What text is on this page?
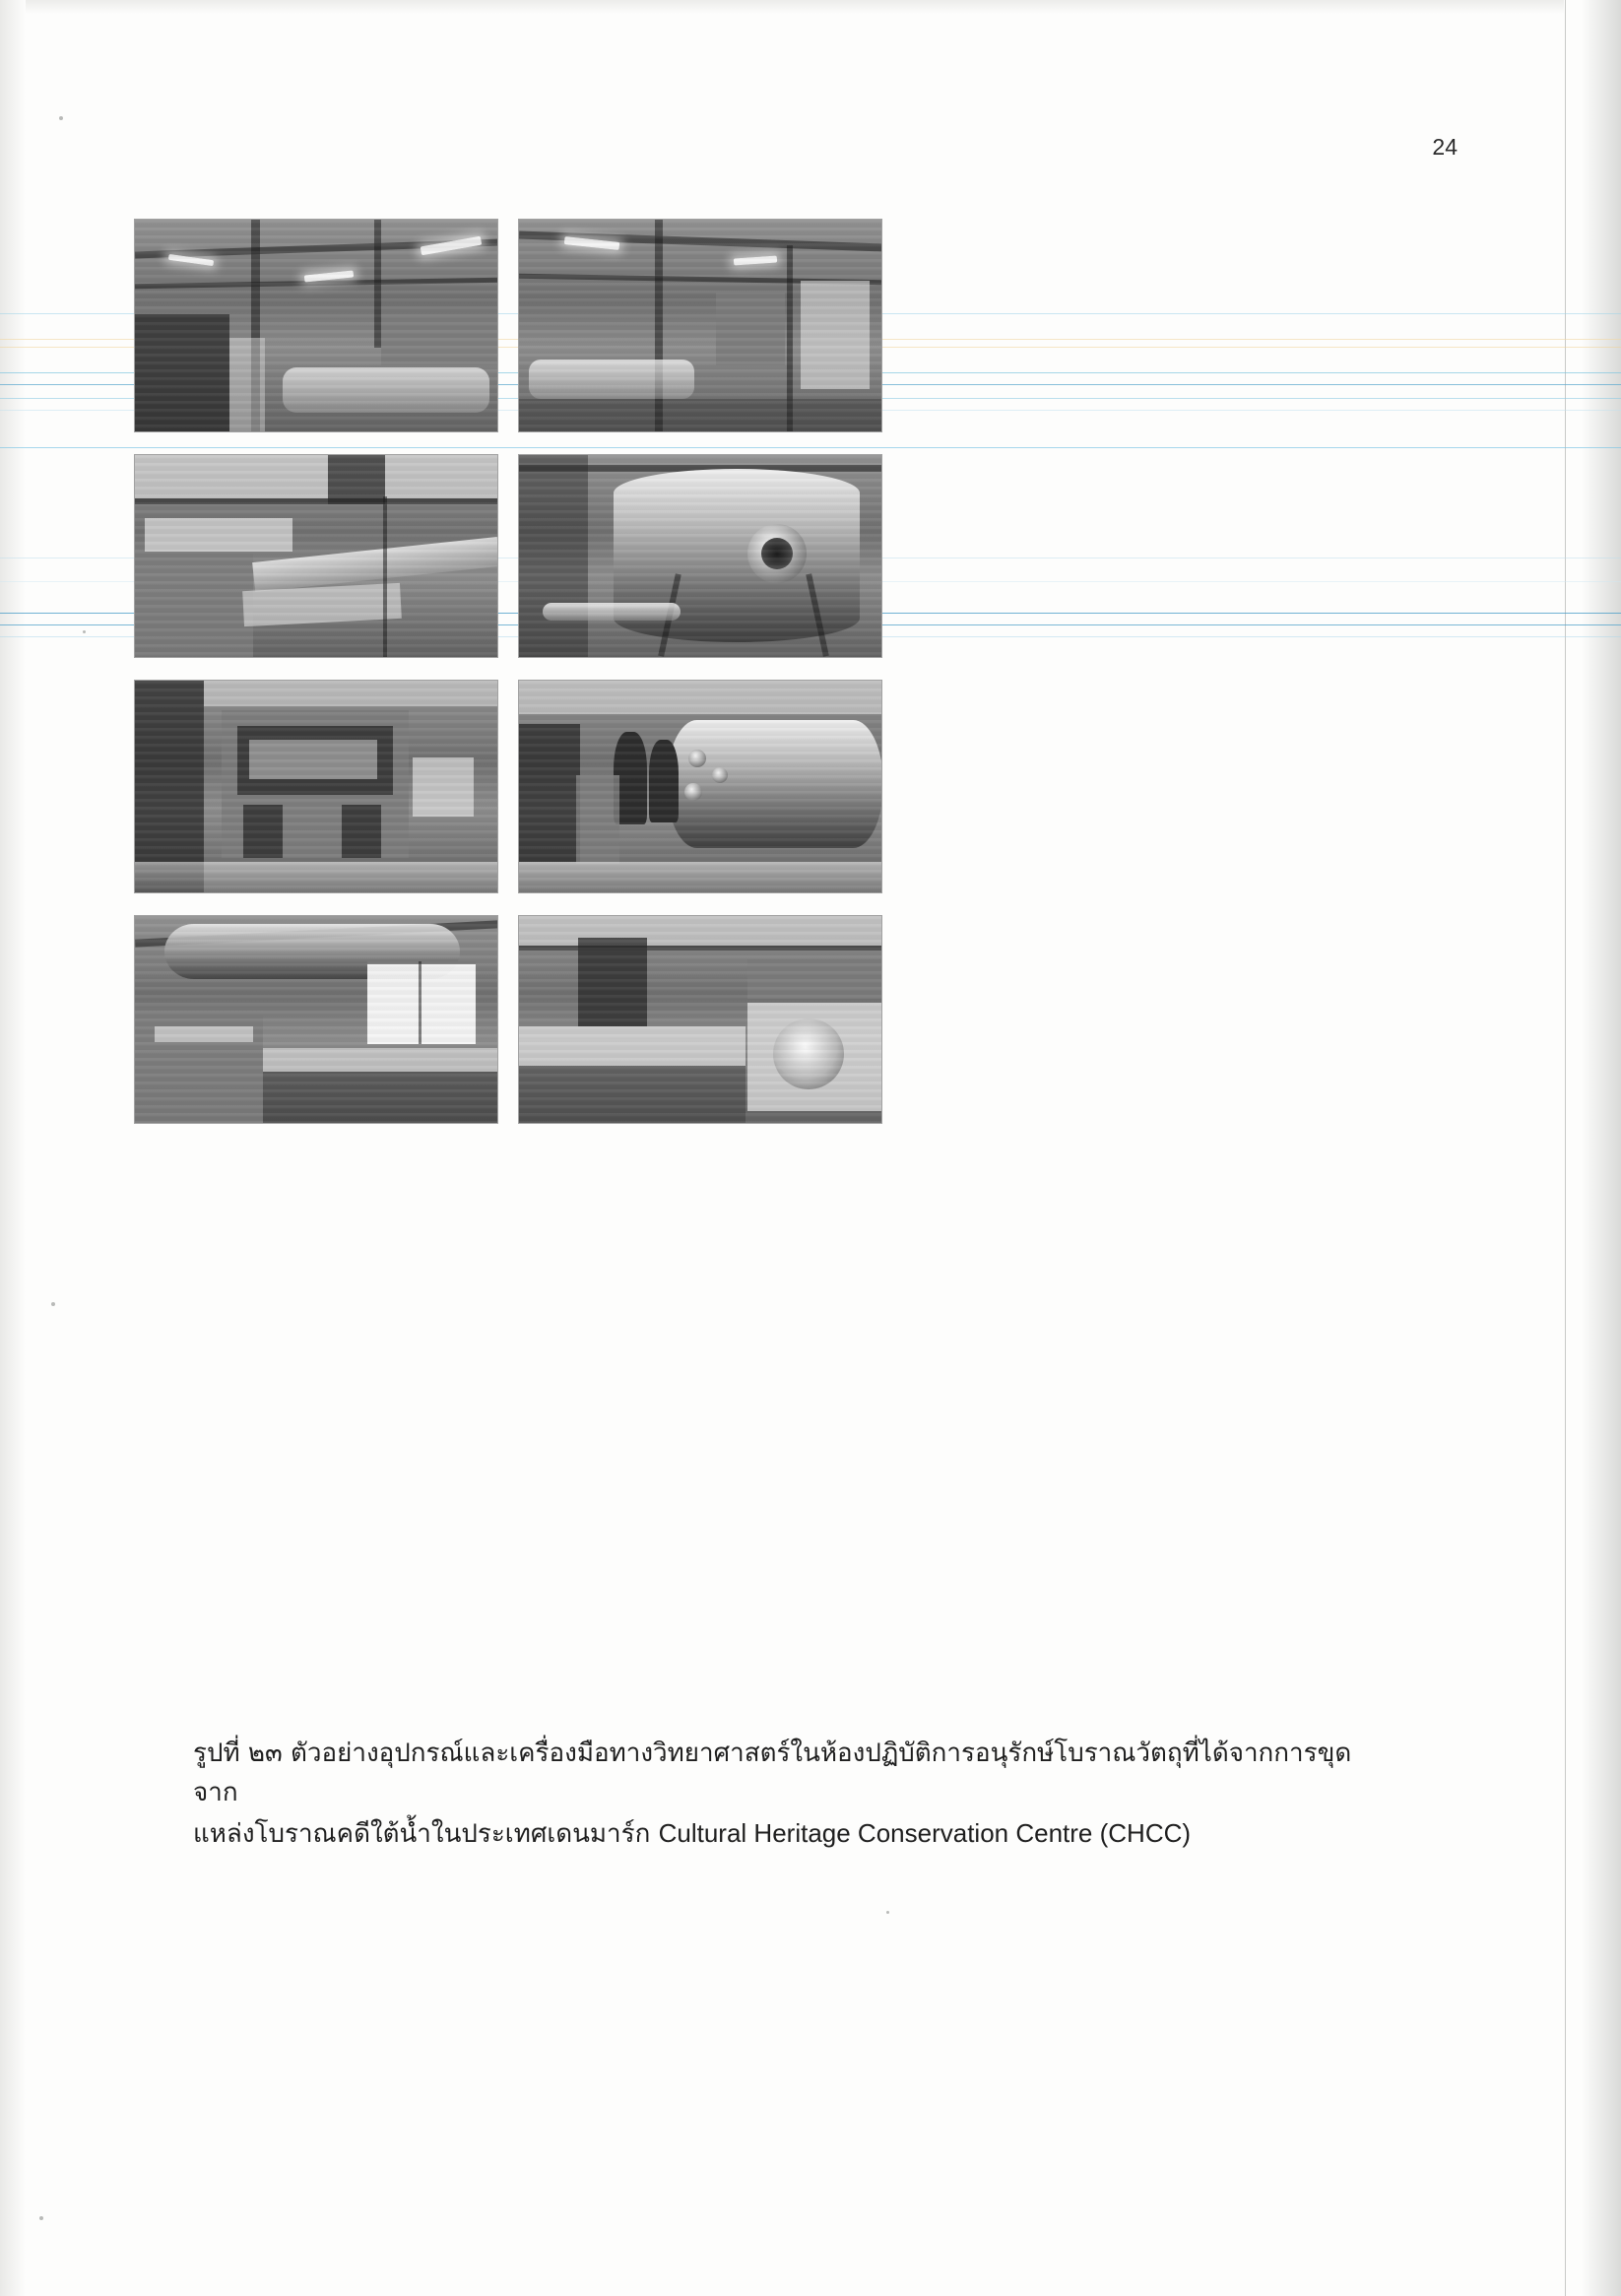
24
รูปที่ ๒๓ ตัวอย่างอุปกรณ์และเครื่องมือทางวิทยาศาสตร์ในห้องปฏิบัติการอนุรักษ์โบราณวัตถุที่ได้จากการขุดจาก
แหล่งโบราณคดีใต้น้ำในประเทศเดนมาร์ก Cultural Heritage Conservation Centre (CHCC)
